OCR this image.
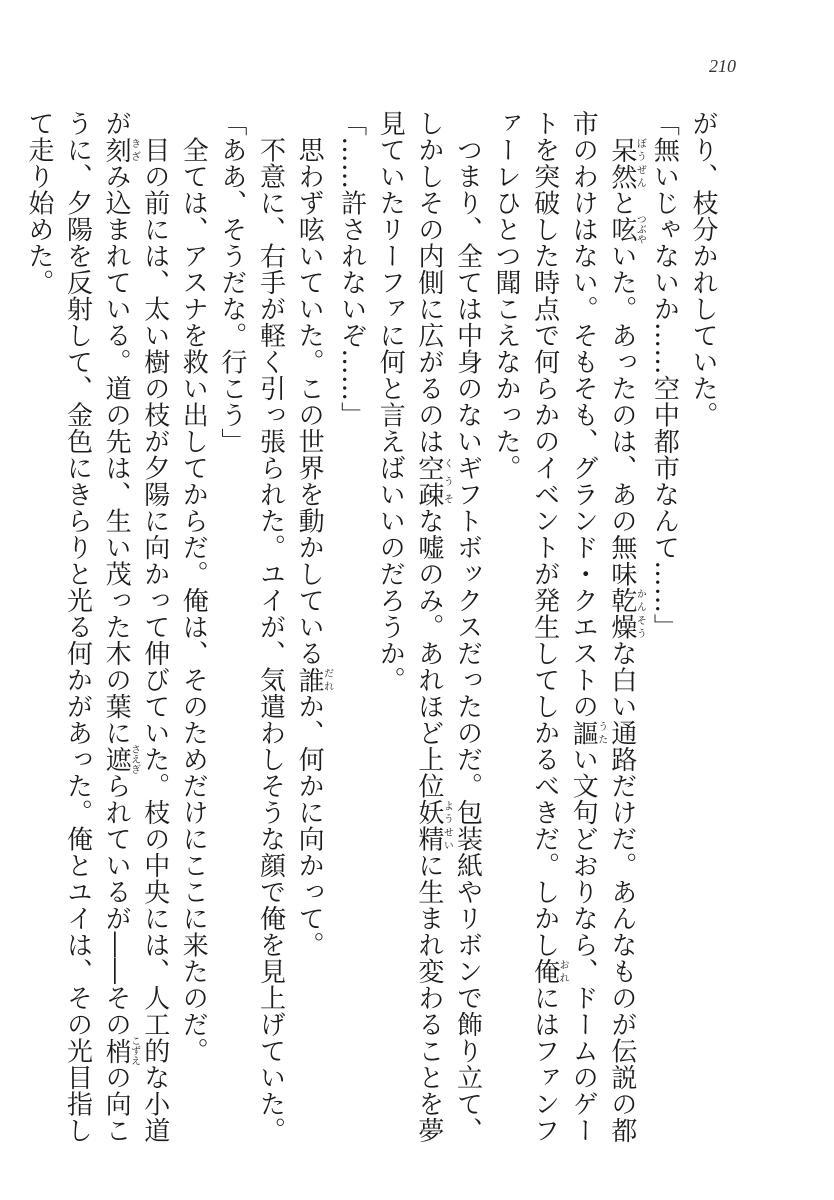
210

がり、枝分かれしていた。

「無いじゃないか……空中都市なんて……」

　呆然ぼうぜんと呟つぶやいた。あったのは、あの無味乾燥かんそうな白い通路だけだ。あんなものが伝説の都市のわけはない。そもそも、グランド・クエストの謳うたい文句どおりなら、ドームのゲートを突破した時点で何らかのイベントが発生してしかるべきだ。しかし俺おれにはファンファーレひとつ聞こえなかった。

　つまり、全ては中身のないギフトボックスだったのだ。包装紙やリボンで飾り立て、しかしその内側に広がるのは空疎くうそな嘘のみ。あれほど上位妖精ようせいに生まれ変わることを夢見ていたリーファに何と言えばいいのだろうか。

「……許されないぞ……」

　思わず呟いていた。この世界を動かしている誰だれか、何かに向かって。

　不意に、右手が軽く引っ張られた。ユイが、気遣わしそうな顔で俺を見上げていた。

「ああ、そうだな。行こう」

　全ては、アスナを救い出してからだ。俺は、そのためだけにここに来たのだ。

　目の前には、太い樹の枝が夕陽に向かって伸びていた。枝の中央には、人工的な小道が刻きざみ込まれている。道の先は、生い茂った木の葉に遮さえぎられているが――その梢こずえの向こうに、夕陽を反射して、金色にきらりと光る何かがあった。俺とユイは、その光目指して走り始めた。
